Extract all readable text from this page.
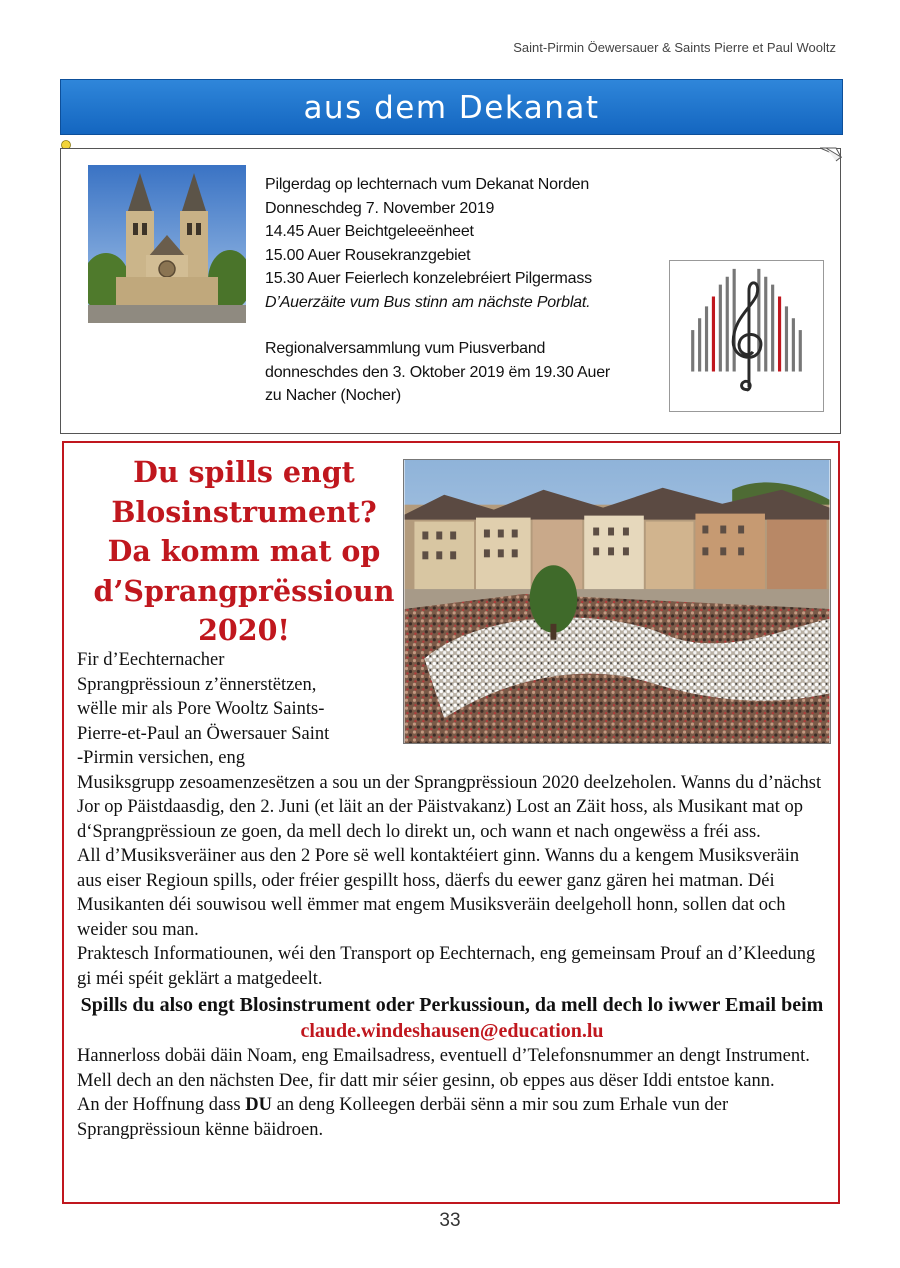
Saint-Pirmin Öewersauer & Saints Pierre et Paul Wooltz
aus dem Dekanat
Pilgerdag op lechternach vum Dekanat Norden
Donneschdeg 7. November 2019
14.45 Auer Beichtgeleeënheet
15.00 Auer Rousekranzgebiet
15.30 Auer Feierlech konzelebréiert Pilgermass
D’Auerzäite vum Bus stinn am nächste Porblat.
Regionalversammlung vum Piusverband
donneschdes den 3. Oktober 2019 ëm 19.30 Auer
zu Nacher (Nocher)
Du spills engt
Blosinstrument?
Da komm mat op
d’Sprangprëssioun
2020!
Fir d’Eechternacher
Sprangprëssioun z’ënnerstëtzen,
wëlle mir als Pore Wooltz Saints-
Pierre-et-Paul an Öwersauer Saint
-Pirmin versichen, eng
Musiksgrupp zesoamenzesëtzen a sou un der Sprangprëssioun 2020 deelzeholen. Wanns du d’nächst Jor op Päistdaasdig, den 2. Juni (et läit an der Päistvakanz) Lost an Zäit hoss, als Musikant mat op d‘Sprangprëssioun ze goen, da mell dech lo direkt un, och wann et nach ongewëss a fréi ass.
All d’Musiksveräiner aus den 2 Pore së well kontaktéiert ginn. Wanns du a kengem Musiksveräin aus eiser Regioun spills, oder fréier gespillt hoss, däerfs du eewer ganz gären hei matman. Déi Musikanten déi souwisou well ëmmer mat engem Musiksveräin deelgeholl honn, sollen dat och weider sou man.
Praktesch Informatiounen, wéi den Transport op Eechternach, eng gemeinsam Prouf an d’Kleedung gi méi spéit geklärt a matgedeelt.
Spills du also engt Blosinstrument oder Perkussioun, da mell dech lo iwwer Email beim claude.windeshausen@education.lu
Hannerloss dobäi däin Noam, eng Emailsadress, eventuell d’Telefonsnummer an dengt Instrument. Mell dech an den nächsten Dee, fir datt mir séier gesinn, ob eppes aus dëser Iddi entstoe kann.
An der Hoffnung dass DU an deng Kolleegen derbäi sënn a mir sou zum Erhale vun der Sprangprëssioun kënne bäidroen.
33
